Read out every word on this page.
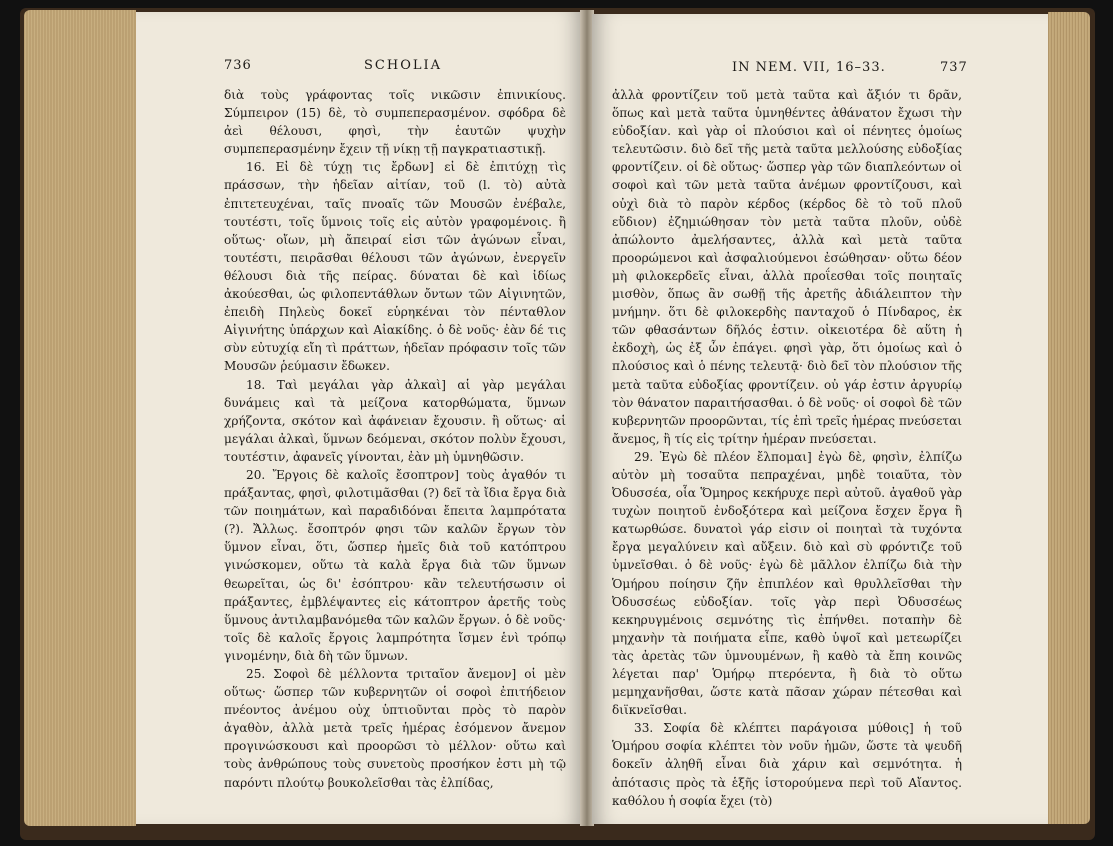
736	SCHOLIA

διὰ τοὺς γράφοντας τοῖς νικῶσιν ἐπινικίους. Σύμπειρον (15) δὲ, τὸ συμπεπερασμένον. σφόδρα δὲ ἀεὶ θέλουσι, φησὶ, τὴν ἑαυτῶν ψυχὴν συμπεπερασμένην ἔχειν τῇ νίκῃ τῇ παγκρατιαστικῇ.

16. Εἰ δὲ τύχῃ τις ἔρδων] εἰ δὲ ἐπιτύχῃ τὶς πράσσων, τὴν ἡδεῖαν αἰτίαν, τοῦ (l. τὸ) αὐτὰ ἐπιτετευχέναι, ταῖς πνοαῖς τῶν Μουσῶν ἐνέβαλε, τουτέστι, τοῖς ὕμνοις τοῖς εἰς αὐτὸν γραφομένοις. ἢ οὕτως· οἴων, μὴ ἄπειραί εἰσι τῶν ἀγώνων εἶναι, τουτέστι, πειρᾶσθαι θέλουσι τῶν ἀγώνων, ἐνεργεῖν θέλουσι διὰ τῆς πείρας. δύναται δὲ καὶ ἰδίως ἀκούεσθαι, ὡς φιλοπεντάθλων ὄντων τῶν Αἰγινητῶν, ἐπειδὴ Πηλεὺς δοκεῖ εὑρηκέναι τὸν πένταθλον Αἰγινήτης ὑπάρχων καὶ Αἰακίδης. ὁ δὲ νοῦς· ἐὰν δέ τις σὺν εὐτυχίᾳ εἴη τὶ πράττων, ἡδεῖαν πρόφασιν τοῖς τῶν Μουσῶν ῥεύμασιν ἔδωκεν.

18. Ταὶ μεγάλαι γὰρ ἀλκαὶ] αἱ γὰρ μεγάλαι δυνάμεις καὶ τὰ μείζονα κατορθώματα, ὕμνων χρήζοντα, σκότον καὶ ἀφάνειαν ἔχουσιν. ἢ οὕτως· αἱ μεγάλαι ἀλκαὶ, ὕμνων δεόμεναι, σκότον πολὺν ἔχουσι, τουτέστιν, ἀφανεῖς γίνονται, ἐὰν μὴ ὑμνηθῶσιν.

20. Ἔργοις δὲ καλοῖς ἔσοπτρον] τοὺς ἀγαθόν τι πράξαντας, φησὶ, φιλοτιμᾶσθαι (?) δεῖ τὰ ἴδια ἔργα διὰ τῶν ποιημάτων, καὶ παραδιδόναι ἔπειτα λαμπρότατα (?). Ἄλλως. ἔσοπτρόν φησι τῶν καλῶν ἔργων τὸν ὕμνον εἶναι, ὅτι, ὥσπερ ἡμεῖς διὰ τοῦ κατόπτρου γινώσκομεν, οὕτω τὰ καλὰ ἔργα διὰ τῶν ὕμνων θεωρεῖται, ὡς δι' ἐσόπτρου· κἂν τελευτήσωσιν οἱ πράξαντες, ἐμβλέψαντες εἰς κάτοπτρον ἀρετῆς τοὺς ὕμνους ἀντιλαμβανόμεθα τῶν καλῶν ἔργων. ὁ δὲ νοῦς· τοῖς δὲ καλοῖς ἔργοις λαμπρότητα ἴσμεν ἑνὶ τρόπῳ γινομένην, διὰ δὴ τῶν ὕμνων.

25. Σοφοὶ δὲ μέλλοντα τριταῖον ἄνεμον] οἱ μὲν οὕτως· ὥσπερ τῶν κυβερνητῶν οἱ σοφοὶ ἐπιτήδειον πνέοντος ἀνέμου οὐχ ὑπτιοῦνται πρὸς τὸ παρὸν ἀγαθὸν, ἀλλὰ μετὰ τρεῖς ἡμέρας ἐσόμενον ἄνεμον προγινώσκουσι καὶ προορῶσι τὸ μέλλον· οὕτω καὶ τοὺς ἀνθρώπους τοὺς συνετοὺς προσήκον ἐστι μὴ τῷ παρόντι πλούτῳ βουκολεῖσθαι τὰς ἐλπίδας,

IN NEM. VII, 16–33.	737

ἀλλὰ φροντίζειν τοῦ μετὰ ταῦτα καὶ ἄξιόν τι δρᾶν, ὅπως καὶ μετὰ ταῦτα ὑμνηθέντες ἀθάνατον ἔχωσι τὴν εὐδοξίαν. καὶ γὰρ οἱ πλούσιοι καὶ οἱ πένητες ὁμοίως τελευτῶσιν. διὸ δεῖ τῆς μετὰ ταῦτα μελλούσης εὐδοξίας φροντίζειν. οἱ δὲ οὕτως· ὥσπερ γὰρ τῶν διαπλεόντων οἱ σοφοὶ καὶ τῶν μετὰ ταῦτα ἀνέμων φροντίζουσι, καὶ οὐχὶ διὰ τὸ παρὸν κέρδος (κέρδος δὲ τὸ τοῦ πλοῦ εὔδιον) ἐζημιώθησαν τὸν μετὰ ταῦτα πλοῦν, οὐδὲ ἀπώλοντο ἀμελήσαντες, ἀλλὰ καὶ μετὰ ταῦτα προορώμενοι καὶ ἀσφαλιούμενοι ἐσώθησαν· οὕτω δέον μὴ φιλοκερδεῖς εἶναι, ἀλλὰ προΐεσθαι τοῖς ποιηταῖς μισθὸν, ὅπως ἂν σωθῇ τῆς ἀρετῆς ἀδιάλειπτον τὴν μνήμην. ὅτι δὲ φιλοκερδὴς πανταχοῦ ὁ Πίνδαρος, ἐκ τῶν φθασάντων δῆλός ἐστιν. οἰκειοτέρα δὲ αὕτη ἡ ἐκδοχὴ, ὡς ἐξ ὧν ἐπάγει. φησὶ γὰρ, ὅτι ὁμοίως καὶ ὁ πλούσιος καὶ ὁ πένης τελευτᾷ· διὸ δεῖ τὸν πλούσιον τῆς μετὰ ταῦτα εὐδοξίας φροντίζειν. οὐ γάρ ἐστιν ἀργυρίῳ τὸν θάνατον παραιτήσασθαι. ὁ δὲ νοῦς· οἱ σοφοὶ δὲ τῶν κυβερνητῶν προορῶνται, τίς ἐπὶ τρεῖς ἡμέρας πνεύσεται ἄνεμος, ἢ τίς εἰς τρίτην ἡμέραν πνεύσεται.

29. Ἐγὼ δὲ πλέον ἔλπομαι] ἐγὼ δὲ, φησὶν, ἐλπίζω αὐτὸν μὴ τοσαῦτα πεπραχέναι, μηδὲ τοιαῦτα, τὸν Ὀδυσσέα, οἷα Ὅμηρος κεκήρυχε περὶ αὐτοῦ. ἀγαθοῦ γὰρ τυχὼν ποιητοῦ ἐνδοξότερα καὶ μείζονα ἔσχεν ἔργα ἢ κατωρθώσε. δυνατοὶ γάρ εἰσιν οἱ ποιηταὶ τὰ τυχόντα ἔργα μεγαλύνειν καὶ αὔξειν. διὸ καὶ σὺ φρόντιζε τοῦ ὑμνεῖσθαι. ὁ δὲ νοῦς· ἐγὼ δὲ μᾶλλον ἐλπίζω διὰ τὴν Ὁμήρου ποίησιν ζῆν ἐπιπλέον καὶ θρυλλεῖσθαι τὴν Ὀδυσσέως εὐδοξίαν. τοῖς γὰρ περὶ Ὀδυσσέως κεκηρυγμένοις σεμνότης τὶς ἐπήνθει. ποταπὴν δὲ μηχανὴν τὰ ποιήματα εἶπε, καθὸ ὑψοῖ καὶ μετεωρίζει τὰς ἀρετὰς τῶν ὑμνουμένων, ἢ καθὸ τὰ ἔπη κοινῶς λέγεται παρ' Ὁμήρῳ πτερόεντα, ἢ διὰ τὸ οὕτω μεμηχανῆσθαι, ὥστε κατὰ πᾶσαν χώραν πέτεσθαι καὶ διϊκνεῖσθαι.

33. Σοφία δὲ κλέπτει παράγοισα μύθοις] ἡ τοῦ Ὁμήρου σοφία κλέπτει τὸν νοῦν ἡμῶν, ὥστε τὰ ψευδῆ δοκεῖν ἀληθῆ εἶναι διὰ χάριν καὶ σεμνότητα. ἡ ἀπότασις πρὸς τὰ ἑξῆς ἱστορούμενα περὶ τοῦ Αἴαντος. καθόλου ἡ σοφία ἔχει (τὸ)
